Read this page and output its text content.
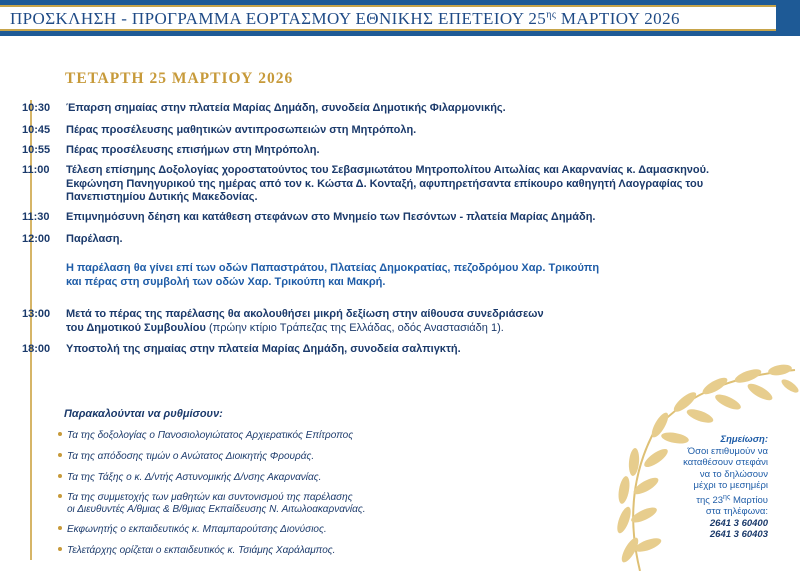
ΠΡΟΣΚΛΗΣΗ - ΠΡΟΓΡΑΜΜΑ ΕΟΡΤΑΣΜΟΥ ΕΘΝΙΚΗΣ ΕΠΕΤΕΙΟΥ $25^{\eta\varsigma}$ ΜΑΡΤΙΟΥ 2026
ΤΕΤΑΡΤΗ 25 ΜΑΡΤΙΟΥ 2026
10:30	Έπαρση σημαίας στην πλατεία Μαρίας Δημάδη, συνοδεία Δημοτικής Φιλαρμονικής.
10:45	Πέρας προσέλευσης μαθητικών αντιπροσωπειών στη Μητρόπολη.
10:55	Πέρας προσέλευσης επισήμων στη Μητρόπολη.
11:00	Τέλεση επίσημης Δοξολογίας χοροστατούντος του Σεβασμιωτάτου Μητροπολίτου Αιτωλίας και Ακαρνανίας κ. Δαμασκηνού.
Εκφώνηση Πανηγυρικού της ημέρας από τον κ. Κώστα Δ. Κονταξή, αφυπηρετήσαντα επίκουρο καθηγητή Λαογραφίας του
Πανεπιστημίου Δυτικής Μακεδονίας.
11:30	Επιμνημόσυνη δέηση και κατάθεση στεφάνων στο Μνημείο των Πεσόντων - πλατεία Μαρίας Δημάδη.
12:00	Παρέλαση.
Η παρέλαση θα γίνει επί των οδών Παπαστράτου, Πλατείας Δημοκρατίας, πεζοδρόμου Χαρ. Τρικούπη
και πέρας στη συμβολή των οδών Χαρ. Τρικούπη και Μακρή.
13:00	Μετά το πέρας της παρέλασης θα ακολουθήσει μικρή δεξίωση στην αίθουσα συνεδριάσεων
του Δημοτικού Συμβουλίου (πρώην κτίριο Τράπεζας της Ελλάδας, οδός Αναστασιάδη 1).
18:00	Υποστολή της σημαίας στην πλατεία Μαρίας Δημάδη, συνοδεία σαλπιγκτή.
Παρακαλούνται να ρυθμίσουν:
Τα της δοξολογίας ο Πανοσιολογιώτατος Αρχιερατικός Επίτροπος
Τα της απόδοσης τιμών ο Ανώτατος Διοικητής Φρουράς.
Τα της Τάξης ο κ. Δ/ντής Αστυνομικής Δ/νσης Ακαρνανίας.
Τα της συμμετοχής των μαθητών και συντονισμού της παρέλασης
οι Διευθυντές Α/θμιας & Β/θμιας Εκπαίδευσης Ν. Αιτωλοακαρνανίας.
Εκφωνητής ο εκπαιδευτικός κ. Μπαμπαρούτσης Διονύσιος.
Τελετάρχης ορίζεται ο εκπαιδευτικός κ. Τσιάμης Χαράλαμπος.
Σημείωση:
Όσοι επιθυμούν να
καταθέσουν στεφάνι
να το δηλώσουν
μέχρι το μεσημέρι
της $23^{\eta\varsigma}$ Μαρτίου
στα τηλέφωνα:
2641 3 60400
2641 3 60403
